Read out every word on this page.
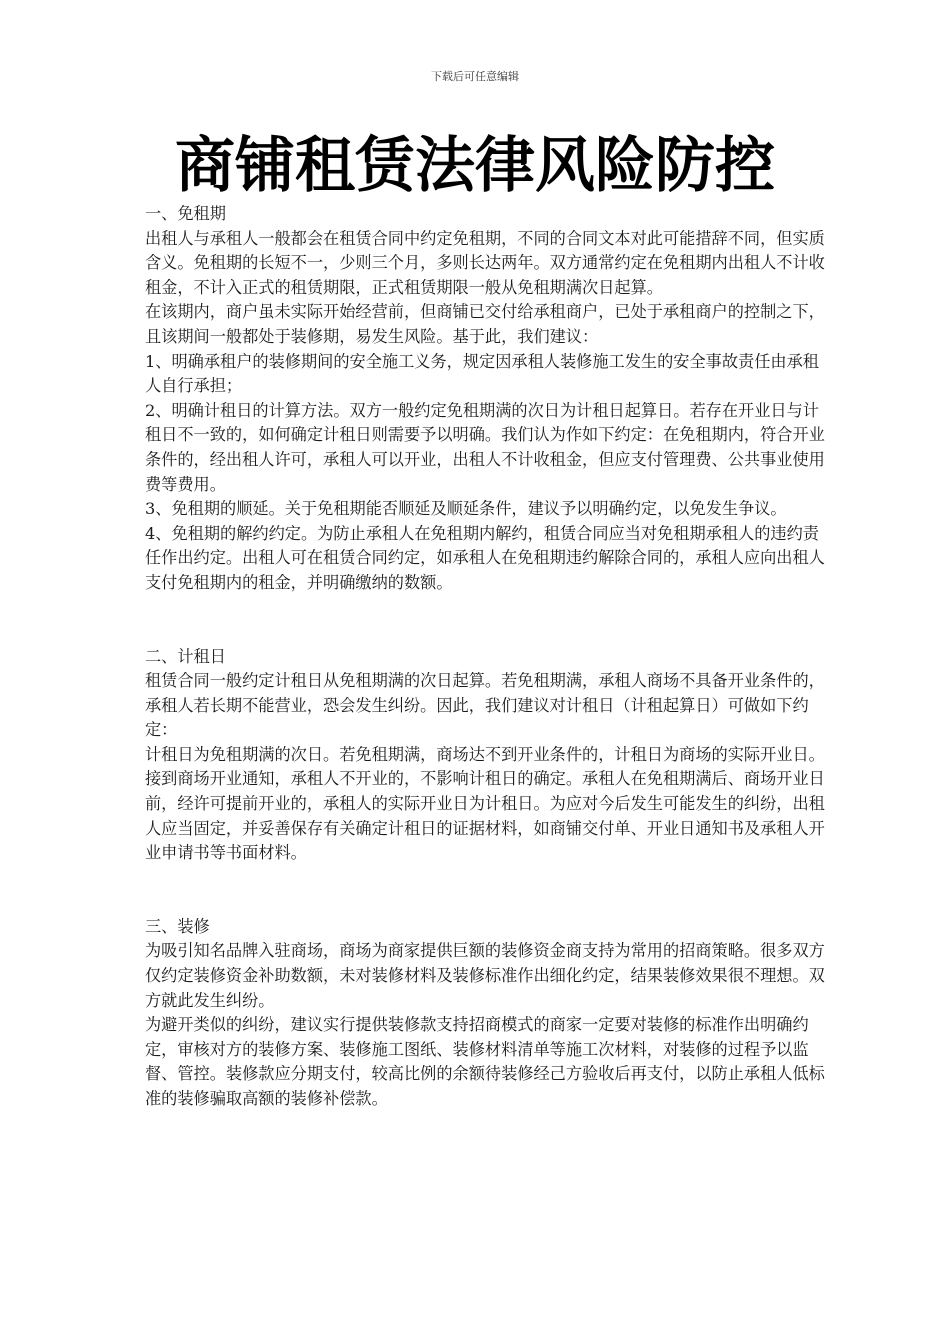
下载后可任意编辑
商铺租赁法律风险防控

一、免租期

出租人与承租人一般都会在租赁合同中约定免租期，不同的合同文本对此可能措辞不同，但实质含义。免租期的长短不一，少则三个月，多则长达两年。双方通常约定在免租期内出租人不计收租金，不计入正式的租赁期限，正式租赁期限一般从免租期满次日起算。

在该期内，商户虽未实际开始经营前，但商铺已交付给承租商户，已处于承租商户的控制之下，且该期间一般都处于装修期，易发生风险。基于此，我们建议：

1、明确承租户的装修期间的安全施工义务，规定因承租人装修施工发生的安全事故责任由承租人自行承担；

2、明确计租日的计算方法。双方一般约定免租期满的次日为计租日起算日。若存在开业日与计租日不一致的，如何确定计租日则需要予以明确。我们认为作如下约定：在免租期内，符合开业条件的，经出租人许可，承租人可以开业，出租人不计收租金，但应支付管理费、公共事业使用费等费用。

3、免租期的顺延。关于免租期能否顺延及顺延条件，建议予以明确约定，以免发生争议。

4、免租期的解约约定。为防止承租人在免租期内解约，租赁合同应当对免租期承租人的违约责任作出约定。出租人可在租赁合同约定，如承租人在免租期违约解除合同的，承租人应向出租人支付免租期内的租金，并明确缴纳的数额。

二、计租日

租赁合同一般约定计租日从免租期满的次日起算。若免租期满，承租人商场不具备开业条件的，承租人若长期不能营业，恐会发生纠纷。因此，我们建议对计租日（计租起算日）可做如下约定：

计租日为免租期满的次日。若免租期满，商场达不到开业条件的，计租日为商场的实际开业日。接到商场开业通知，承租人不开业的，不影响计租日的确定。承租人在免租期满后、商场开业日前，经许可提前开业的，承租人的实际开业日为计租日。为应对今后发生可能发生的纠纷，出租人应当固定，并妥善保存有关确定计租日的证据材料，如商铺交付单、开业日通知书及承租人开业申请书等书面材料。

三、装修

为吸引知名品牌入驻商场，商场为商家提供巨额的装修资金商支持为常用的招商策略。很多双方仅约定装修资金补助数额，未对装修材料及装修标准作出细化约定，结果装修效果很不理想。双方就此发生纠纷。

为避开类似的纠纷，建议实行提供装修款支持招商模式的商家一定要对装修的标准作出明确约定，审核对方的装修方案、装修施工图纸、装修材料清单等施工次材料，对装修的过程予以监督、管控。装修款应分期支付，较高比例的余额待装修经己方验收后再支付，以防止承租人低标准的装修骗取高额的装修补偿款。
